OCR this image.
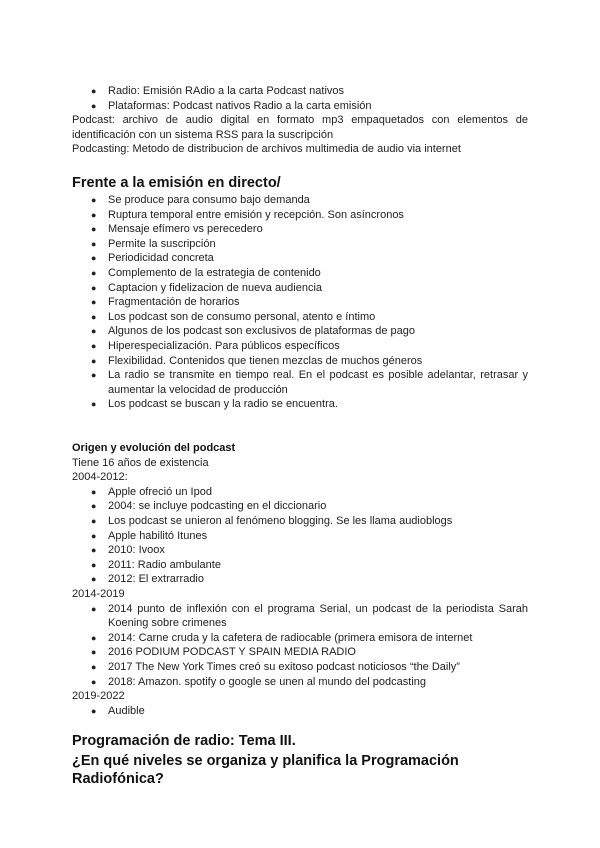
● Radio: Emisión RAdio a la carta Podcast nativos
● Plataformas: Podcast nativos Radio a la carta emisión

Podcast: archivo de audio digital en formato mp3 empaquetados con elementos de identificación con un sistema RSS para la suscripción

Podcasting: Metodo de distribucion de archivos multimedia de audio via internet

Frente a la emisión en directo/
● Se produce para consumo bajo demanda
● Ruptura temporal entre emisión y recepción. Son asíncronos
● Mensaje efímero vs perecedero
● Permite la suscripción
● Periodicidad concreta
● Complemento de la estrategia de contenido
● Captacion y fidelizacion de nueva audiencia
● Fragmentación de horarios
● Los podcast son de consumo personal, atento e íntimo
● Algunos de los podcast son exclusivos de plataformas de pago
● Hiperespecialización. Para públicos específicos
● Flexibilidad. Contenidos que tienen mezclas de muchos géneros
● La radio se transmite en tiempo real. En el podcast es posible adelantar, retrasar y aumentar la velocidad de producción
● Los podcast se buscan y la radio se encuentra.
Origen y evolución del podcast

Tiene 16 años de existencia

2004-2012:

● Apple ofreció un Ipod
● 2004: se incluye podcasting en el diccionario
● Los podcast se unieron al fenómeno blogging. Se les llama audioblogs
● Apple habilitó Itunes
● 2010: Ivoox
● 2011: Radio ambulante
● 2012: El extrarradio

2014-2019

● 2014 punto de inflexión con el programa Serial, un podcast de la periodista Sarah Koening sobre crimenes
● 2014: Carne cruda y la cafetera de radiocable (primera emisora de internet
● 2016 PODIUM PODCAST Y SPAIN MEDIA RADIO
● 2017 The New York Times creó su exitoso podcast noticiosos “the Daily”
● 2018: Amazon. spotify o google se unen al mundo del podcasting

2019-2022

● Audible
Programación de radio: Tema III.
¿En qué niveles se organiza y planifica la Programación Radiofónica?
